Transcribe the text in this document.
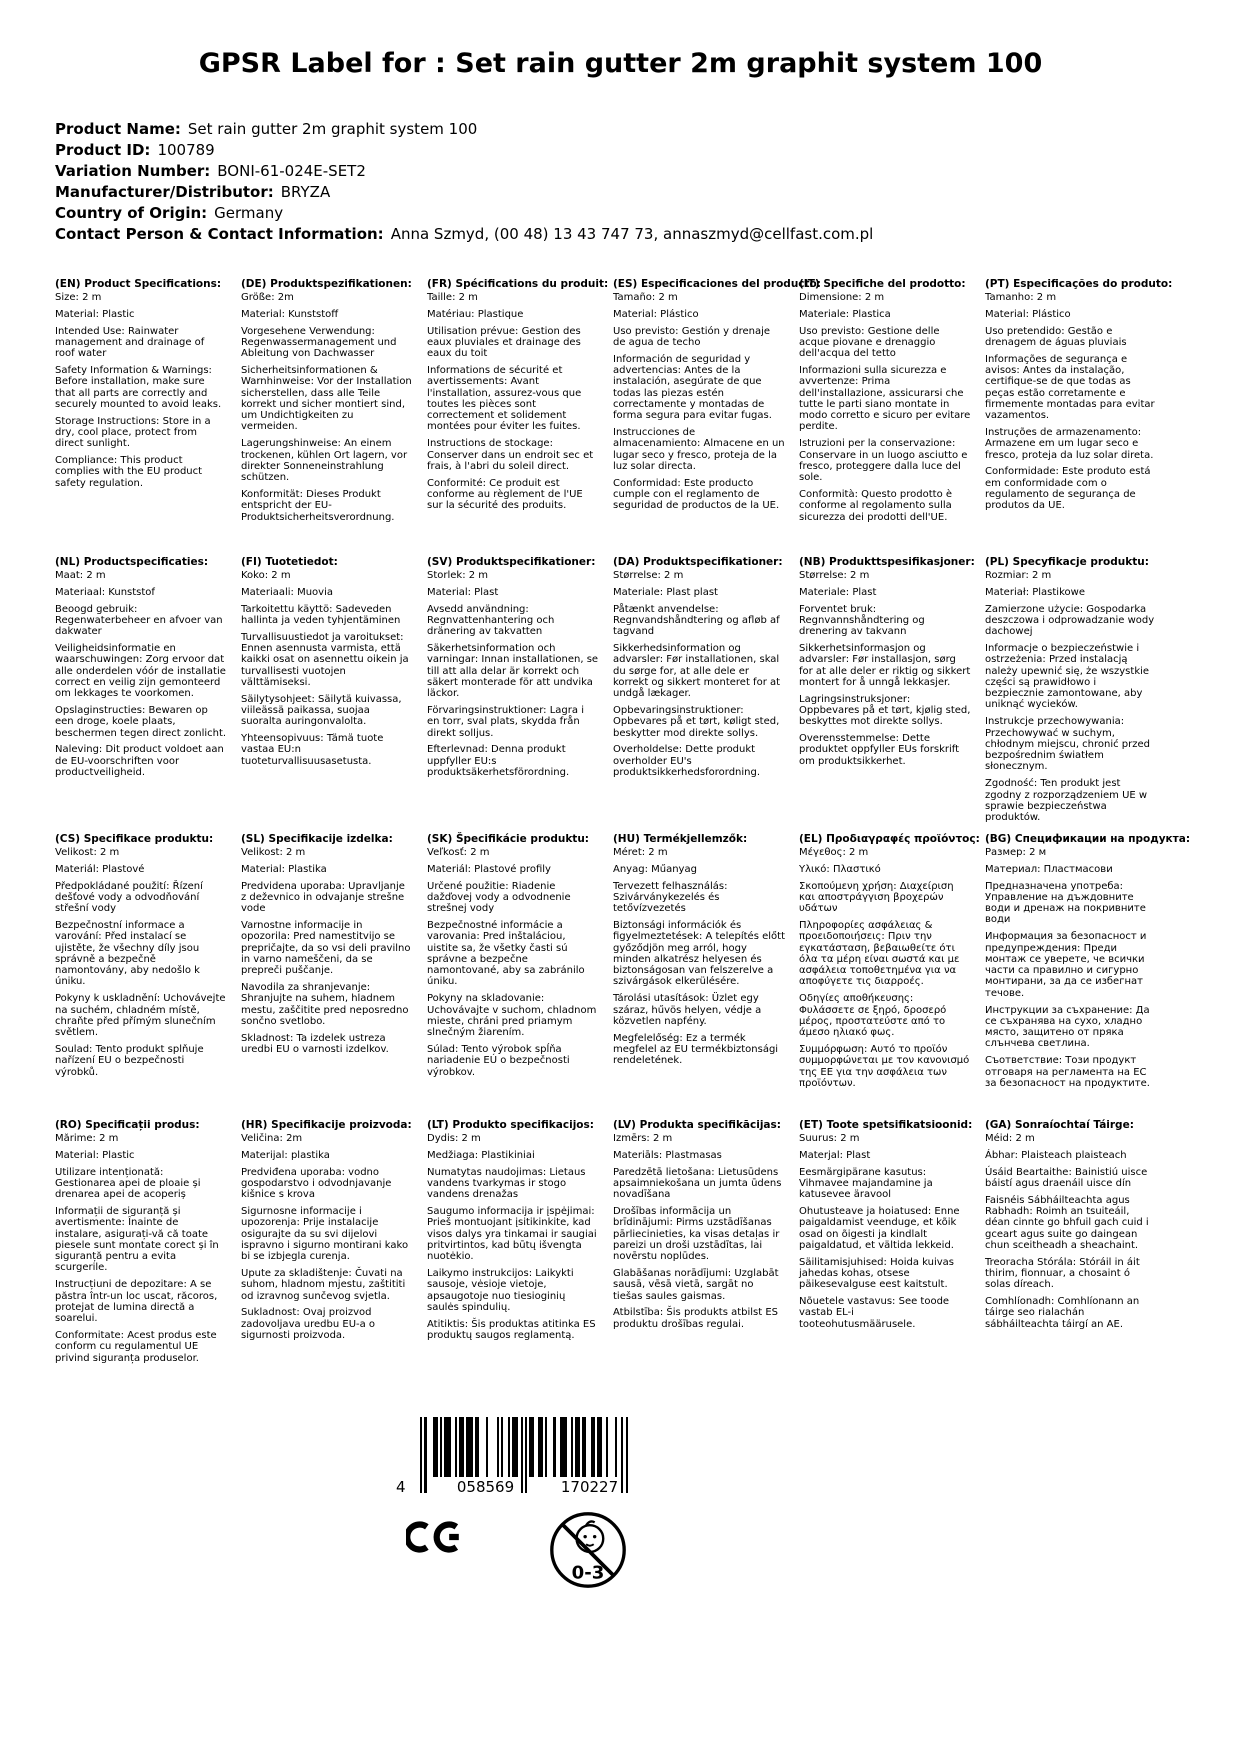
GPSR Label for : Set rain gutter 2m graphit system 100
Product Name: Set rain gutter 2m graphit system 100
Product ID: 100789
Variation Number: BONI-61-024E-SET2
Manufacturer/Distributor: BRYZA
Country of Origin: Germany
Contact Person & Contact Information: Anna Szmyd, (00 48) 13 43 747 73, annaszmyd@cellfast.com.pl
(EN) Product Specifications:

Size: 2 m

Material: Plastic

Intended Use: Rainwater management and drainage of roof water

Safety Information & Warnings: Before installation, make sure that all parts are correctly and securely mounted to avoid leaks.

Storage Instructions: Store in a dry, cool place, protect from direct sunlight.

Compliance: This product complies with the EU product safety regulation.

(DE) Produktspezifikationen:

Größe: 2m

Material: Kunststoff

Vorgesehene Verwendung: Regenwassermanagement und Ableitung von Dachwasser

Sicherheitsinformationen & Warnhinweise: Vor der Installation sicherstellen, dass alle Teile korrekt und sicher montiert sind, um Undichtigkeiten zu vermeiden.

Lagerungshinweise: An einem trockenen, kühlen Ort lagern, vor direkter Sonneneinstrahlung schützen.

Konformität: Dieses Produkt entspricht der EU-Produktsicherheitsverordnung.

(FR) Spécifications du produit:

Taille: 2 m

Matériau: Plastique

Utilisation prévue: Gestion des eaux pluviales et drainage des eaux du toit

Informations de sécurité et avertissements: Avant l'installation, assurez-vous que toutes les pièces sont correctement et solidement montées pour éviter les fuites.

Instructions de stockage: Conserver dans un endroit sec et frais, à l'abri du soleil direct.

Conformité: Ce produit est conforme au règlement de l'UE sur la sécurité des produits.

(ES) Especificaciones del producto:

Tamaño: 2 m

Material: Plástico

Uso previsto: Gestión y drenaje de agua de techo

Información de seguridad y advertencias: Antes de la instalación, asegúrate de que todas las piezas estén correctamente y montadas de forma segura para evitar fugas.

Instrucciones de almacenamiento: Almacene en un lugar seco y fresco, proteja de la luz solar directa.

Conformidad: Este producto cumple con el reglamento de seguridad de productos de la UE.

(IT) Specifiche del prodotto:

Dimensione: 2 m

Materiale: Plastica

Uso previsto: Gestione delle acque piovane e drenaggio dell'acqua del tetto

Informazioni sulla sicurezza e avvertenze: Prima dell'installazione, assicurarsi che tutte le parti siano montate in modo corretto e sicuro per evitare perdite.

Istruzioni per la conservazione: Conservare in un luogo asciutto e fresco, proteggere dalla luce del sole.

Conformità: Questo prodotto è conforme al regolamento sulla sicurezza dei prodotti dell'UE.

(PT) Especificações do produto:

Tamanho: 2 m

Material: Plástico

Uso pretendido: Gestão e drenagem de águas pluviais

Informações de segurança e avisos: Antes da instalação, certifique-se de que todas as peças estão corretamente e firmemente montadas para evitar vazamentos.

Instruções de armazenamento: Armazene em um lugar seco e fresco, proteja da luz solar direta.

Conformidade: Este produto está em conformidade com o regulamento de segurança de produtos da UE.

(NL) Productspecificaties:

Maat: 2 m

Materiaal: Kunststof

Beoogd gebruik: Regenwaterbeheer en afvoer van dakwater

Veiligheidsinformatie en waarschuwingen: Zorg ervoor dat alle onderdelen vóór de installatie correct en veilig zijn gemonteerd om lekkages te voorkomen.

Opslaginstructies: Bewaren op een droge, koele plaats, beschermen tegen direct zonlicht.

Naleving: Dit product voldoet aan de EU-voorschriften voor productveiligheid.

(FI) Tuotetiedot:

Koko: 2 m

Materiaali: Muovia

Tarkoitettu käyttö: Sadeveden hallinta ja veden tyhjentäminen

Turvallisuustiedot ja varoitukset: Ennen asennusta varmista, että kaikki osat on asennettu oikein ja turvallisesti vuotojen välttämiseksi.

Säilytysohjeet: Säilytä kuivassa, viileässä paikassa, suojaa suoralta auringonvalolta.

Yhteensopivuus: Tämä tuote vastaa EU:n tuoteturvallisuusasetusta.

(SV) Produktspecifikationer:

Storlek: 2 m

Material: Plast

Avsedd användning: Regnvattenhantering och dränering av takvatten

Säkerhetsinformation och varningar: Innan installationen, se till att alla delar är korrekt och säkert monterade för att undvika läckor.

Förvaringsinstruktioner: Lagra i en torr, sval plats, skydda från direkt solljus.

Efterlevnad: Denna produkt uppfyller EU:s produktsäkerhetsförordning.

(DA) Produktspecifikationer:

Størrelse: 2 m

Materiale: Plast plast

Påtænkt anvendelse: Regnvandshåndtering og afløb af tagvand

Sikkerhedsinformation og advarsler: Før installationen, skal du sørge for, at alle dele er korrekt og sikkert monteret for at undgå lækager.

Opbevaringsinstruktioner: Opbevares på et tørt, køligt sted, beskytter mod direkte sollys.

Overholdelse: Dette produkt overholder EU's produktsikkerhedsforordning.

(NB) Produkttspesifikasjoner:

Størrelse: 2 m

Materiale: Plast

Forventet bruk: Regnvannshåndtering og drenering av takvann

Sikkerhetsinformasjon og advarsler: Før installasjon, sørg for at alle deler er riktig og sikkert montert for å unngå lekkasjer.

Lagringsinstruksjoner: Oppbevares på et tørt, kjølig sted, beskyttes mot direkte sollys.

Overensstemmelse: Dette produktet oppfyller EUs forskrift om produktsikkerhet.

(PL) Specyfikacje produktu:

Rozmiar: 2 m

Materiał: Plastikowe

Zamierzone użycie: Gospodarka deszczowa i odprowadzanie wody dachowej

Informacje o bezpieczeństwie i ostrzeżenia: Przed instalacją należy upewnić się, że wszystkie części są prawidłowo i bezpiecznie zamontowane, aby uniknąć wycieków.

Instrukcje przechowywania: Przechowywać w suchym, chłodnym miejscu, chronić przed bezpośrednim światłem słonecznym.

Zgodność: Ten produkt jest zgodny z rozporządzeniem UE w sprawie bezpieczeństwa produktów.

(CS) Specifikace produktu:

Velikost: 2 m

Materiál: Plastové

Předpokládané použití: Řízení dešťové vody a odvodňování střešní vody

Bezpečnostní informace a varování: Před instalací se ujistěte, že všechny díly jsou správně a bezpečně namontovány, aby nedošlo k úniku.

Pokyny k uskladnění: Uchovávejte na suchém, chladném místě, chraňte před přímým slunečním světlem.

Soulad: Tento produkt splňuje nařízení EU o bezpečnosti výrobků.

(SL) Specifikacije izdelka:

Velikost: 2 m

Material: Plastika

Predvidena uporaba: Upravljanje z deževnico in odvajanje strešne vode

Varnostne informacije in opozorila: Pred namestitvijo se prepričajte, da so vsi deli pravilno in varno nameščeni, da se prepreči puščanje.

Navodila za shranjevanje: Shranjujte na suhem, hladnem mestu, zaščitite pred neposredno sončno svetlobo.

Skladnost: Ta izdelek ustreza uredbi EU o varnosti izdelkov.

(SK) Špecifikácie produktu:

Veľkosť: 2 m

Materiál: Plastové profily

Určené použitie: Riadenie dažďovej vody a odvodnenie strešnej vody

Bezpečnostné informácie a varovania: Pred inštaláciou, uistite sa, že všetky časti sú správne a bezpečne namontované, aby sa zabránilo úniku.

Pokyny na skladovanie: Uchovávajte v suchom, chladnom mieste, chráni pred priamym slnečným žiarením.

Súlad: Tento výrobok spĺňa nariadenie EÚ o bezpečnosti výrobkov.

(HU) Termékjellemzők:

Méret: 2 m

Anyag: Műanyag

Tervezett felhasználás: Szivárványkezelés és tetővízvezetés

Biztonsági információk és figyelmeztetések: A telepítés előtt győződjön meg arról, hogy minden alkatrész helyesen és biztonságosan van felszerelve a szivárgások elkerülésére.

Tárolási utasítások: Üzlet egy száraz, hűvös helyen, védje a közvetlen napfény.

Megfelelőség: Ez a termék megfelel az EU termékbiztonsági rendeletének.

(EL) Προδιαγραφές προϊόντος:

Μέγεθος: 2 m

Υλικό: Πλαστικό

Σκοπούμενη χρήση: Διαχείριση και αποστράγγιση βροχερών υδάτων

Πληροφορίες ασφάλειας & προειδοποιήσεις: Πριν την εγκατάσταση, βεβαιωθείτε ότι όλα τα μέρη είναι σωστά και με ασφάλεια τοποθετημένα για να αποφύγετε τις διαρροές.

Οδηγίες αποθήκευσης: Φυλάσσετε σε ξηρό, δροσερό μέρος, προστατεύστε από το άμεσο ηλιακό φως.

Συμμόρφωση: Αυτό το προϊόν συμμορφώνεται με τον κανονισμό της ΕΕ για την ασφάλεια των προϊόντων.

(BG) Спецификации на продукта:

Размер: 2 м

Материал: Пластмасови

Предназначена употреба: Управление на дъждовните води и дренаж на покривните води

Информация за безопасност и предупреждения: Преди монтаж се уверете, че всички части са правилно и сигурно монтирани, за да се избегнат течове.

Инструкции за съхранение: Да се съхранява на сухо, хладно място, защитено от пряка слънчева светлина.

Съответствие: Този продукт отговаря на регламента на ЕС за безопасност на продуктите.

(RO) Specificații produs:

Mărime: 2 m

Material: Plastic

Utilizare intenționată: Gestionarea apei de ploaie și drenarea apei de acoperiș

Informații de siguranță și avertismente: Înainte de instalare, asigurați-vă că toate piesele sunt montate corect și în siguranță pentru a evita scurgerile.

Instrucțiuni de depozitare: A se păstra într-un loc uscat, răcoros, protejat de lumina directă a soarelui.

Conformitate: Acest produs este conform cu regulamentul UE privind siguranța produselor.

(HR) Specifikacije proizvoda:

Veličina: 2m

Materijal: plastika

Predviđena uporaba: vodno gospodarstvo i odvodnjavanje kišnice s krova

Sigurnosne informacije i upozorenja: Prije instalacije osigurajte da su svi dijelovi ispravno i sigurno montirani kako bi se izbjegla curenja.

Upute za skladištenje: Čuvati na suhom, hladnom mjestu, zaštititi od izravnog sunčevog svjetla.

Sukladnost: Ovaj proizvod zadovoljava uredbu EU-a o sigurnosti proizvoda.

(LT) Produkto specifikacijos:

Dydis: 2 m

Medžiaga: Plastikiniai

Numatytas naudojimas: Lietaus vandens tvarkymas ir stogo vandens drenažas

Saugumo informacija ir įspėjimai: Prieš montuojant įsitikinkite, kad visos dalys yra tinkamai ir saugiai pritvirtintos, kad būtų išvengta nuotėkio.

Laikymo instrukcijos: Laikykti sausoje, vėsioje vietoje, apsaugotoje nuo tiesioginių saulės spindulių.

Atitiktis: Šis produktas atitinka ES produktų saugos reglamentą.

(LV) Produkta specifikācijas:

Izmērs: 2 m

Materiāls: Plastmasas

Paredzētā lietošana: Lietusūdens apsaimniekošana un jumta ūdens novadīšana

Drošības informācija un brīdinājumi: Pirms uzstādīšanas pārliecinieties, ka visas detaļas ir pareizi un droši uzstādītas, lai novērstu noplūdes.

Glabāšanas norādījumi: Uzglabāt sausā, vēsā vietā, sargāt no tiešas saules gaismas.

Atbilstība: Šis produkts atbilst ES produktu drošības regulai.

(ET) Toote spetsifikatsioonid:

Suurus: 2 m

Materjal: Plast

Eesmärgipärane kasutus: Vihmavee majandamine ja katusevee äravool

Ohutusteave ja hoiatused: Enne paigaldamist veenduge, et kõik osad on õigesti ja kindlalt paigaldatud, et vältida lekkeid.

Säilitamisjuhised: Hoida kuivas jahedas kohas, otsese päikesevalguse eest kaitstult.

Nõuetele vastavus: See toode vastab EL-i tooteohutusmäärusele.

(GA) Sonraíochtaí Táirge:

Méid: 2 m

Ábhar: Plaisteach plaisteach

Úsáid Beartaithe: Bainistiú uisce báistí agus draenáil uisce dín

Faisnéis Sábháilteachta agus Rabhadh: Roimh an tsuiteáil, déan cinnte go bhfuil gach cuid i gceart agus suite go daingean chun sceitheadh a sheachaint.

Treoracha Stórála: Stóráil in áit thirim, fionnuar, a chosaint ó solas díreach.

Comhlíonadh: Comhlíonann an táirge seo rialachán sábháilteachta táirgí an AE.

4	058569	170227
0-3
